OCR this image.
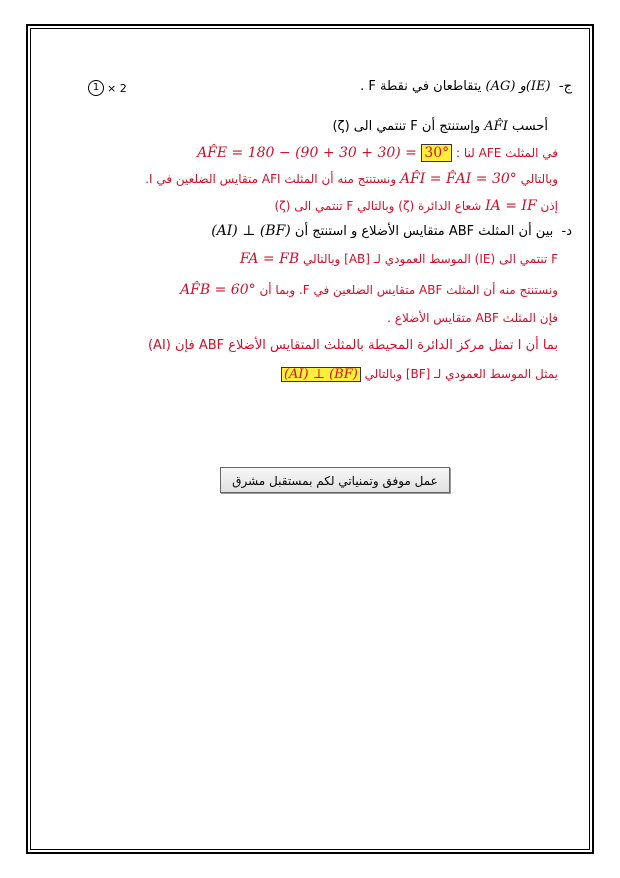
1 × 2	ج-  (AG) و(IE) يتقاطعان في نقطة F .
أحسب AF̂I وإستنتج أن F تنتمي الى (ζ)
في المثلث AFE لنا : AF̂E = 180 − (90 + 30 + 30) = 30°
وبالتالي AF̂I = F̂AI = 30° ونستنتج منه أن المثلث AFI متقايس الضلعين في I.
إذن IA = IF شعاع الدائرة (ζ) وبالتالي F تنتمي الى (ζ)
د-  بين أن المثلث ABF متقايس الأضلاع و استنتج أن (AI) ⊥ (BF)
F تنتمي الى (IE) الموسط العمودي لـ [AB] وبالتالي FA = FB
ونستنتج منه أن المثلث ABF متقايس الضلعين في F. وبما أن AF̂B = 60°
فإن المثلث ABF متقايس الأضلاع .
بما أن I تمثل مركز الدائرة المحيطة بالمثلث المتقايس الأضلاع ABF فإن (AI)
يمثل الموسط العمودي لـ [BF] وبالتالي (AI) ⊥ (BF)
عمل موفق وتمنياتي لكم بمستقبل مشرق
